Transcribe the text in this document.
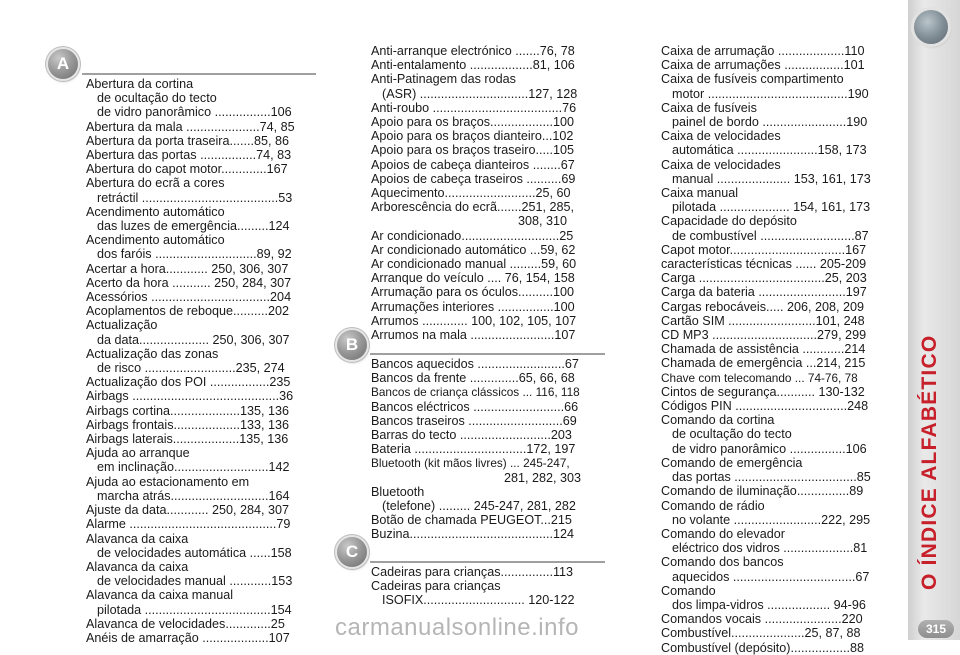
O ÍNDICE ALFABÉTICO
315
A
B
C
Abertura da cortina
de ocultação do tecto
de vidro panorâmico ................106
Abertura da mala .....................74, 85
Abertura da porta traseira.......85, 86
Abertura das portas ................74, 83
Abertura do capot motor.............167
Abertura do ecrã a cores
retráctil .......................................53
Acendimento automático
das luzes de emergência.........124
Acendimento automático
dos faróis .............................89, 92
Acertar a hora............ 250, 306, 307
Acerto da hora ........... 250, 284, 307
Acessórios ..................................204
Acoplamentos de reboque..........202
Actualização
da data.................... 250, 306, 307
Actualização das zonas
de risco ..........................235, 274
Actualização dos POI .................235
Airbags ..........................................36
Airbags cortina....................135, 136
Airbags frontais...................133, 136
Airbags laterais...................135, 136
Ajuda ao arranque
em inclinação...........................142
Ajuda ao estacionamento em
marcha atrás............................164
Ajuste da data............ 250, 284, 307
Alarme ..........................................79
Alavanca da caixa
de velocidades automática ......158
Alavanca da caixa
de velocidades manual ............153
Alavanca da caixa manual
pilotada ....................................154
Alavanca de velocidades.............25
Anéis de amarração ...................107
Anti-arranque electrónico .......76, 78
Anti-entalamento ..................81, 106
Anti-Patinagem das rodas
(ASR) ...............................127, 128
Anti-roubo .....................................76
Apoio para os braços..................100
Apoio para os braços dianteiro...102
Apoio para os braços traseiro.....105
Apoios de cabeça dianteiros ........67
Apoios de cabeça traseiros ..........69
Aquecimento..........................25, 60
Arborescência do ecrã.......251, 285,
308, 310
Ar condicionado............................25
Ar condicionado automático ...59, 62
Ar condicionado manual .........59, 60
Arranque do veículo .... 76, 154, 158
Arrumação para os óculos..........100
Arrumações interiores ................100
Arrumos ............. 100, 102, 105, 107
Arrumos na mala ........................107
Bancos aquecidos .........................67
Bancos da frente ..............65, 66, 68
Bancos de criança clássicos ... 116, 118
Bancos eléctricos ..........................66
Bancos traseiros ...........................69
Barras do tecto ..........................203
Bateria ................................172, 197
Bluetooth (kit mãos livres) ... 245-247,
281, 282, 303
Bluetooth
(telefone) ......... 245-247, 281, 282
Botão de chamada PEUGEOT...215
Buzina.........................................124
Cadeiras para crianças...............113
Cadeiras para crianças
ISOFIX............................. 120-122
Caixa de arrumação ...................110
Caixa de arrumações .................101
Caixa de fusíveis compartimento
motor ........................................190
Caixa de fusíveis
painel de bordo ........................190
Caixa de velocidades
automática .......................158, 173
Caixa de velocidades
manual ..................... 153, 161, 173
Caixa manual
pilotada .................... 154, 161, 173
Capacidade do depósito
de combustível ...........................87
Capot motor.................................167
características técnicas ...... 205-209
Carga ....................................25, 203
Carga da bateria .........................197
Cargas rebocáveis..... 206, 208, 209
Cartão SIM .........................101, 248
CD MP3 ..............................279, 299
Chamada de assistência ............214
Chamada de emergência ...214, 215
Chave com telecomando ... 74-76, 78
Cintos de segurança........... 130-132
Códigos PIN ................................248
Comando da cortina
de ocultação do tecto
de vidro panorâmico ................106
Comando de emergência
das portas ...................................85
Comando de iluminação...............89
Comando de rádio
no volante .........................222, 295
Comando do elevador
eléctrico dos vidros ....................81
Comando dos bancos
aquecidos ...................................67
Comando
dos limpa-vidros .................. 94-96
Comandos vocais ......................220
Combustível.....................25, 87, 88
Combustível (depósito).................88
carmanualsonline.info
